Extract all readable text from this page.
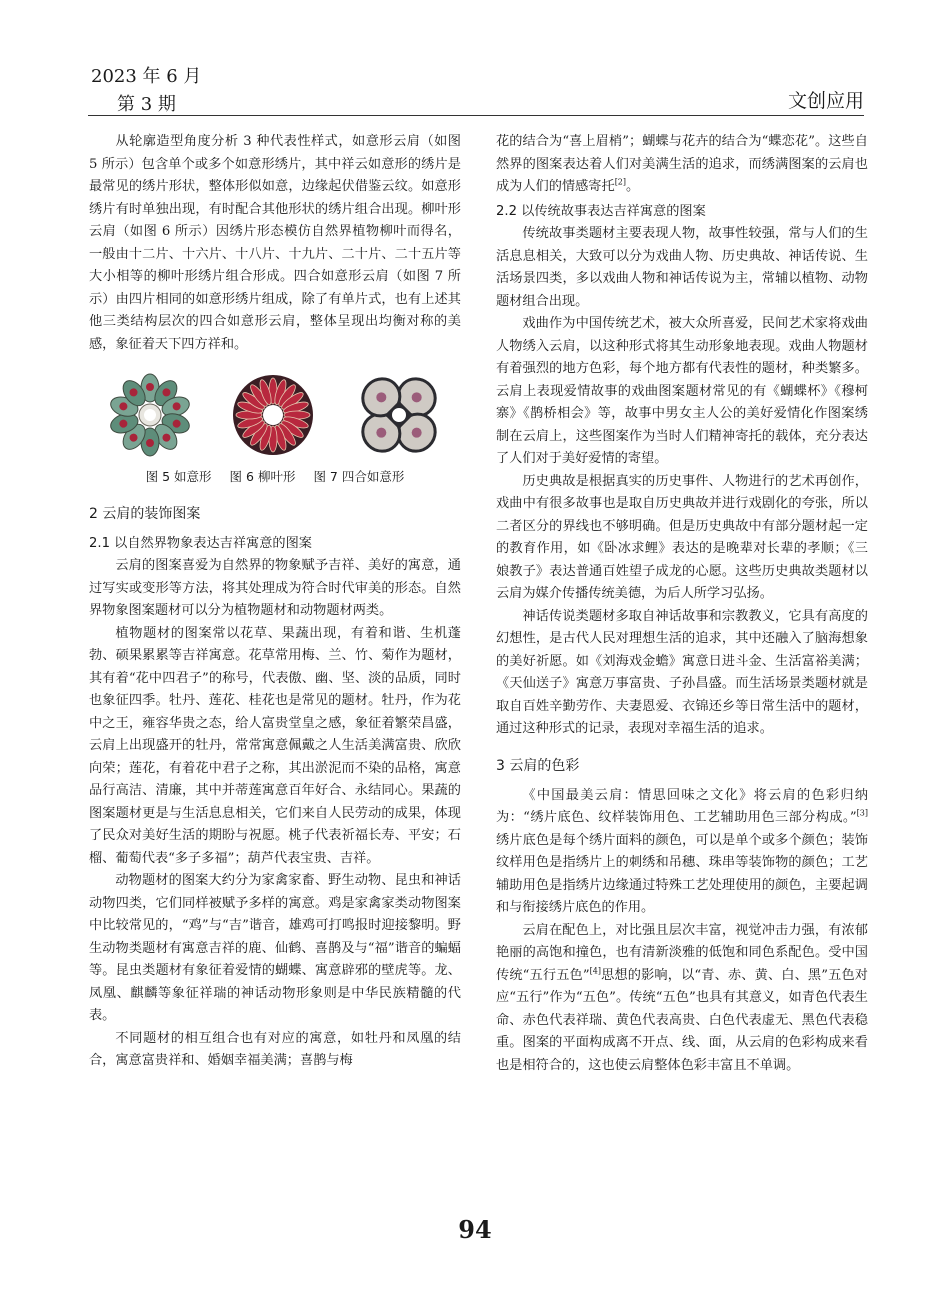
2023 年 6 月
第 3 期	文创应用

从轮廓造型角度分析 3 种代表性样式，如意形云肩（如图 5 所示）包含单个或多个如意形绣片，其中祥云如意形的绣片是最常见的绣片形状，整体形似如意，边缘起伏借鉴云纹。如意形绣片有时单独出现，有时配合其他形状的绣片组合出现。柳叶形云肩（如图 6 所示）因绣片形态模仿自然界植物柳叶而得名，一般由十二片、十六片、十八片、十九片、二十片、二十五片等大小相等的柳叶形绣片组合形成。四合如意形云肩（如图 7 所示）由四片相同的如意形绣片组成，除了有单片式，也有上述其他三类结构层次的四合如意形云肩，整体呈现出均衡对称的美感，象征着天下四方祥和。

图 5 如意形 图 6 柳叶形 图 7 四合如意形
2 云肩的装饰图案
2.1 以自然界物象表达吉祥寓意的图案

云肩的图案喜爱为自然界的物象赋予吉祥、美好的寓意，通过写实或变形等方法，将其处理成为符合时代审美的形态。自然界物象图案题材可以分为植物题材和动物题材两类。

植物题材的图案常以花草、果蔬出现，有着和谐、生机蓬勃、硕果累累等吉祥寓意。花草常用梅、兰、竹、菊作为题材，其有着“花中四君子”的称号，代表傲、幽、坚、淡的品质，同时也象征四季。牡丹、莲花、桂花也是常见的题材。牡丹，作为花中之王，雍容华贵之态，给人富贵堂皇之感，象征着繁荣昌盛，云肩上出现盛开的牡丹，常常寓意佩戴之人生活美满富贵、欣欣向荣；莲花，有着花中君子之称，其出淤泥而不染的品格，寓意品行高洁、清廉，其中并蒂莲寓意百年好合、永结同心。果蔬的图案题材更是与生活息息相关，它们来自人民劳动的成果，体现了民众对美好生活的期盼与祝愿。桃子代表祈福长寿、平安；石榴、葡萄代表“多子多福”；葫芦代表宝贵、吉祥。

动物题材的图案大约分为家禽家畜、野生动物、昆虫和神话动物四类，它们同样被赋予多样的寓意。鸡是家禽家类动物图案中比较常见的，“鸡”与“吉”谐音，雄鸡可打鸣报时迎接黎明。野生动物类题材有寓意吉祥的鹿、仙鹤、喜鹊及与“福”谐音的蝙蝠等。昆虫类题材有象征着爱情的蝴蝶、寓意辟邪的壁虎等。龙、凤凰、麒麟等象征祥瑞的神话动物形象则是中华民族精髓的代表。

不同题材的相互组合也有对应的寓意，如牡丹和凤凰的结合，寓意富贵祥和、婚姻幸福美满；喜鹊与梅

花的结合为“喜上眉梢”；蝴蝶与花卉的结合为“蝶恋花”。这些自然界的图案表达着人们对美满生活的追求，而绣满图案的云肩也成为人们的情感寄托[2]。

2.2 以传统故事表达吉祥寓意的图案

传统故事类题材主要表现人物，故事性较强，常与人们的生活息息相关，大致可以分为戏曲人物、历史典故、神话传说、生活场景四类，多以戏曲人物和神话传说为主，常辅以植物、动物题材组合出现。

戏曲作为中国传统艺术，被大众所喜爱，民间艺术家将戏曲人物绣入云肩，以这种形式将其生动形象地表现。戏曲人物题材有着强烈的地方色彩，每个地方都有代表性的题材，种类繁多。云肩上表现爱情故事的戏曲图案题材常见的有《蝴蝶杯》《穆柯寨》《鹊桥相会》等，故事中男女主人公的美好爱情化作图案绣制在云肩上，这些图案作为当时人们精神寄托的载体，充分表达了人们对于美好爱情的寄望。

历史典故是根据真实的历史事件、人物进行的艺术再创作，戏曲中有很多故事也是取自历史典故并进行戏剧化的夸张，所以二者区分的界线也不够明确。但是历史典故中有部分题材起一定的教育作用，如《卧冰求鲤》表达的是晚辈对长辈的孝顺；《三娘教子》表达普通百姓望子成龙的心愿。这些历史典故类题材以云肩为媒介传播传统美德，为后人所学习弘扬。

神话传说类题材多取自神话故事和宗教教义，它具有高度的幻想性，是古代人民对理想生活的追求，其中还融入了脑海想象的美好祈愿。如《刘海戏金蟾》寓意日进斗金、生活富裕美满；《天仙送子》寓意万事富贵、子孙昌盛。而生活场景类题材就是取自百姓辛勤劳作、夫妻恩爱、衣锦还乡等日常生活中的题材，通过这种形式的记录，表现对幸福生活的追求。

3 云肩的色彩

《中国最美云肩：情思回味之文化》将云肩的色彩归纳为：“绣片底色、纹样装饰用色、工艺辅助用色三部分构成。”[3]绣片底色是每个绣片面料的颜色，可以是单个或多个颜色；装饰纹样用色是指绣片上的刺绣和吊穗、珠串等装饰物的颜色；工艺辅助用色是指绣片边缘通过特殊工艺处理使用的颜色，主要起调和与衔接绣片底色的作用。

云肩在配色上，对比强且层次丰富，视觉冲击力强，有浓郁艳丽的高饱和撞色，也有清新淡雅的低饱和同色系配色。受中国传统“五行五色”[4]思想的影响，以“青、赤、黄、白、黑”五色对应“五行”作为“五色”。传统“五色”也具有其意义，如青色代表生命、赤色代表祥瑞、黄色代表高贵、白色代表虚无、黑色代表稳重。图案的平面构成离不开点、线、面，从云肩的色彩构成来看也是相符合的，这也使云肩整体色彩丰富且不单调。

94
